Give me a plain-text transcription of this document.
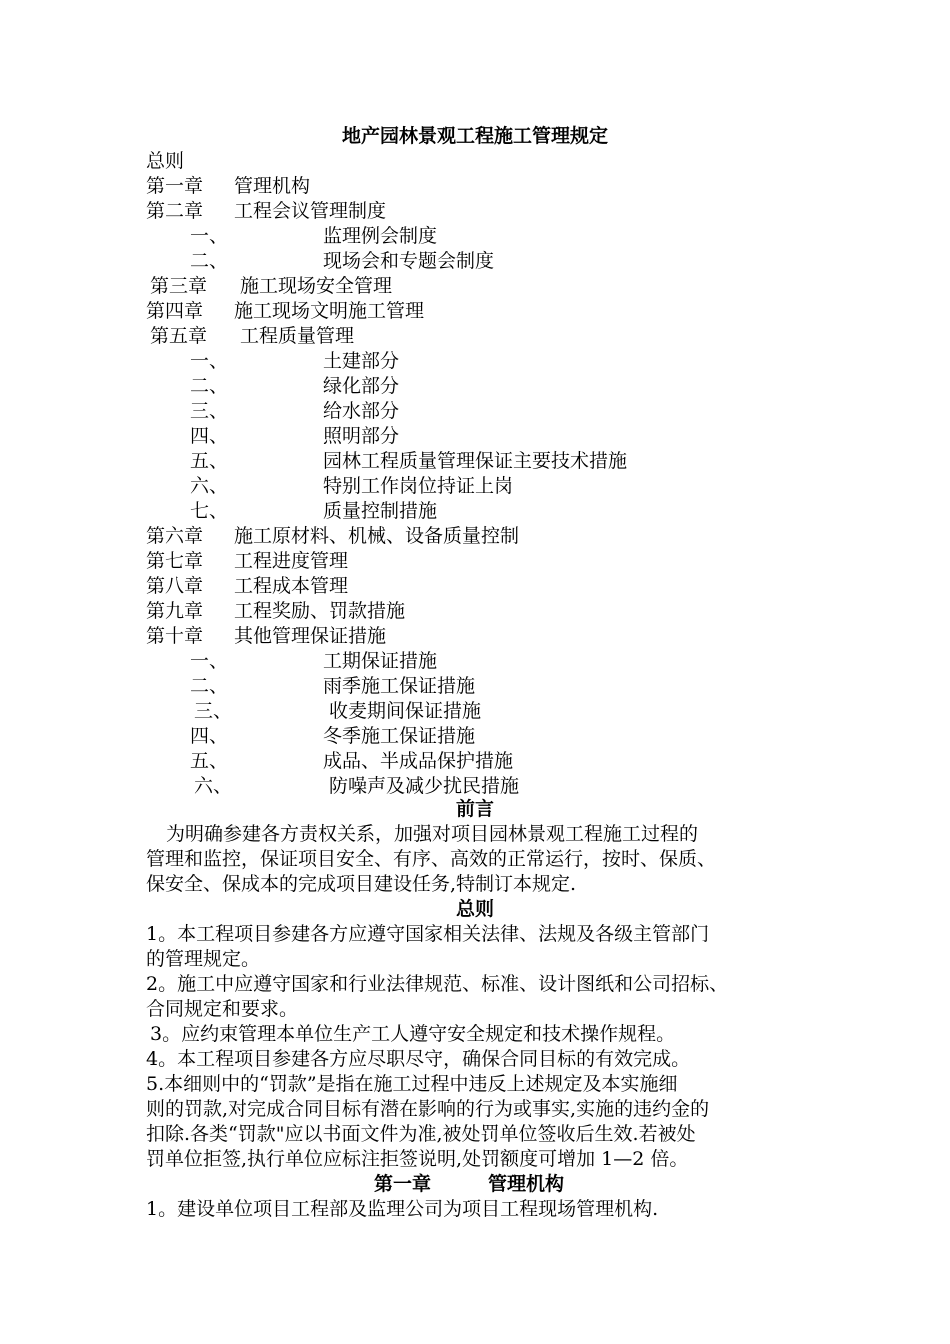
地产园林景观工程施工管理规定
总则
第一章 管理机构
第二章 工程会议管理制度
一、	监理例会制度
二、	现场会和专题会制度
第三章 施工现场安全管理
第四章 施工现场文明施工管理
第五章 工程质量管理
一、	土建部分
二、	绿化部分
三、	给水部分
四、	照明部分
五、	园林工程质量管理保证主要技术措施
六、	特别工作岗位持证上岗
七、	质量控制措施
第六章 施工原材料、机械、设备质量控制
第七章 工程进度管理
第八章 工程成本管理
第九章 工程奖励、罚款措施
第十章 其他管理保证措施
一、	工期保证措施
二、	雨季施工保证措施
三、	收麦期间保证措施
四、	冬季施工保证措施
五、	成品、半成品保护措施
六、	防噪声及减少扰民措施
前言
为明确参建各方责权关系，加强对项目园林景观工程施工过程的
管理和监控，保证项目安全、有序、高效的正常运行，按时、保质、
保安全、保成本的完成项目建设任务,特制订本规定.
总则
1。本工程项目参建各方应遵守国家相关法律、法规及各级主管部门
的管理规定。
2。施工中应遵守国家和行业法律规范、标准、设计图纸和公司招标、
合同规定和要求。
3。应约束管理本单位生产工人遵守安全规定和技术操作规程。
4。本工程项目参建各方应尽职尽守，确保合同目标的有效完成。
5.本细则中的“罚款”是指在施工过程中违反上述规定及本实施细
则的罚款,对完成合同目标有潜在影响的行为或事实,实施的违约金的
扣除.各类“罚款"应以书面文件为准,被处罚单位签收后生效.若被处
罚单位拒签,执行单位应标注拒签说明,处罚额度可增加 1—2 倍。
第一章	管理机构
1。建设单位项目工程部及监理公司为项目工程现场管理机构.
